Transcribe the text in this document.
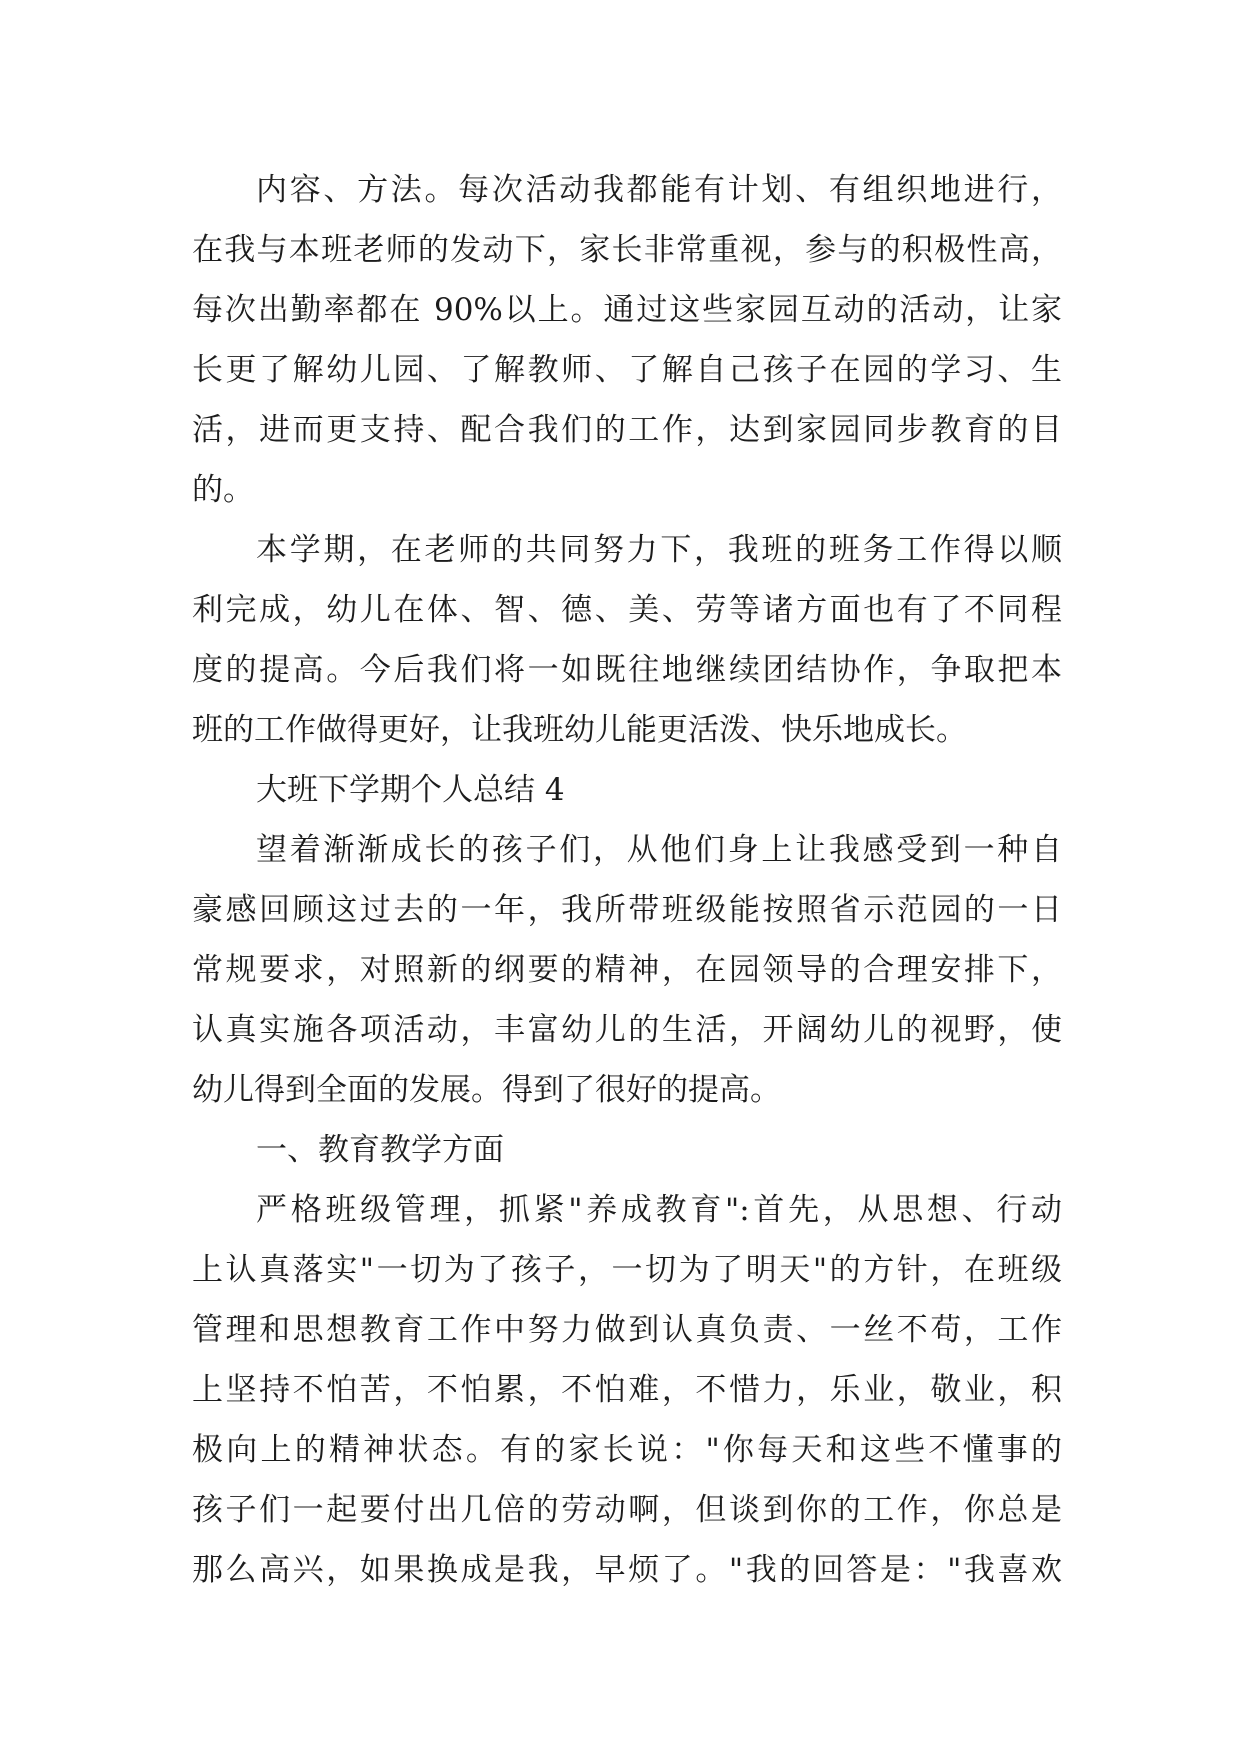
内容、方法。每次活动我都能有计划、有组织地进行，
在我与本班老师的发动下，家长非常重视，参与的积极性高，
每次出勤率都在 90%以上。通过这些家园互动的活动，让家
长更了解幼儿园、了解教师、了解自己孩子在园的学习、生
活，进而更支持、配合我们的工作，达到家园同步教育的目
的。
本学期，在老师的共同努力下，我班的班务工作得以顺
利完成，幼儿在体、智、德、美、劳等诸方面也有了不同程
度的提高。今后我们将一如既往地继续团结协作，争取把本
班的工作做得更好，让我班幼儿能更活泼、快乐地成长。
大班下学期个人总结 4
望着渐渐成长的孩子们，从他们身上让我感受到一种自
豪感回顾这过去的一年，我所带班级能按照省示范园的一日
常规要求，对照新的纲要的精神，在园领导的合理安排下，
认真实施各项活动，丰富幼儿的生活，开阔幼儿的视野，使
幼儿得到全面的发展。得到了很好的提高。
一、教育教学方面
严格班级管理，抓紧"养成教育":首先，从思想、行动
上认真落实"一切为了孩子，一切为了明天"的方针，在班级
管理和思想教育工作中努力做到认真负责、一丝不苟，工作
上坚持不怕苦，不怕累，不怕难，不惜力，乐业，敬业，积
极向上的精神状态。有的家长说："你每天和这些不懂事的
孩子们一起要付出几倍的劳动啊，但谈到你的工作，你总是
那么高兴，如果换成是我，早烦了。"我的回答是："我喜欢
